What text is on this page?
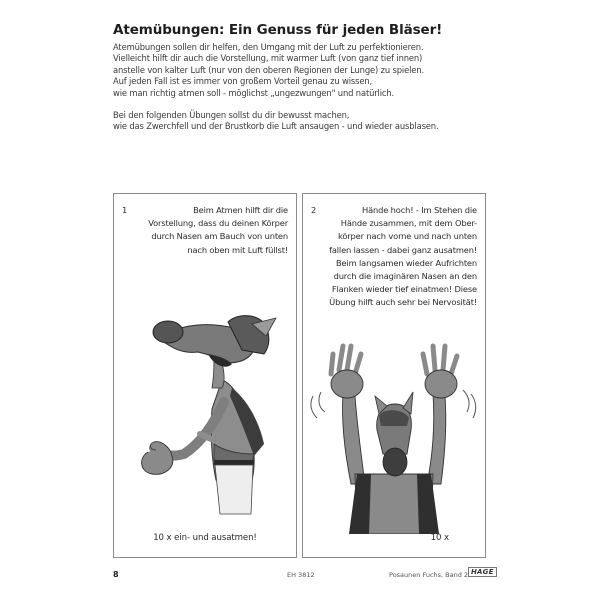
Atemübungen: Ein Genuss für jeden Bläser!

Atemübungen sollen dir helfen, den Umgang mit der Luft zu perfektionieren.
Vielleicht hilft dir auch die Vorstellung, mit warmer Luft (von ganz tief innen)
anstelle von kalter Luft (nur von den oberen Regionen der Lunge) zu spielen.
Auf jeden Fall ist es immer von großem Vorteil genau zu wissen,
wie man richtig atmen soll - möglichst „ungezwungen" und natürlich.

Bei den folgenden Übungen sollst du dir bewusst machen,
wie das Zwerchfell und der Brustkorb die Luft ansaugen - und wieder ausblasen.

1	Beim Atmen hilft dir die
Vorstellung, dass du deinen Körper
durch Nasen am Bauch von unten
nach oben mit Luft füllst!
10 x ein- und ausatmen!
2	Hände hoch! - Im Stehen die
Hände zusammen, mit dem Ober-
körper nach vorne und nach unten
fallen lassen - dabei ganz ausatmen!
Beim langsamen wieder Aufrichten
durch die imaginären Nasen an den
Flanken wieder tief einatmen! Diese
Übung hilft auch sehr bei Nervosität!
10 x
8	EH 3812	Posaunen Fuchs, Band 2 HAGE
